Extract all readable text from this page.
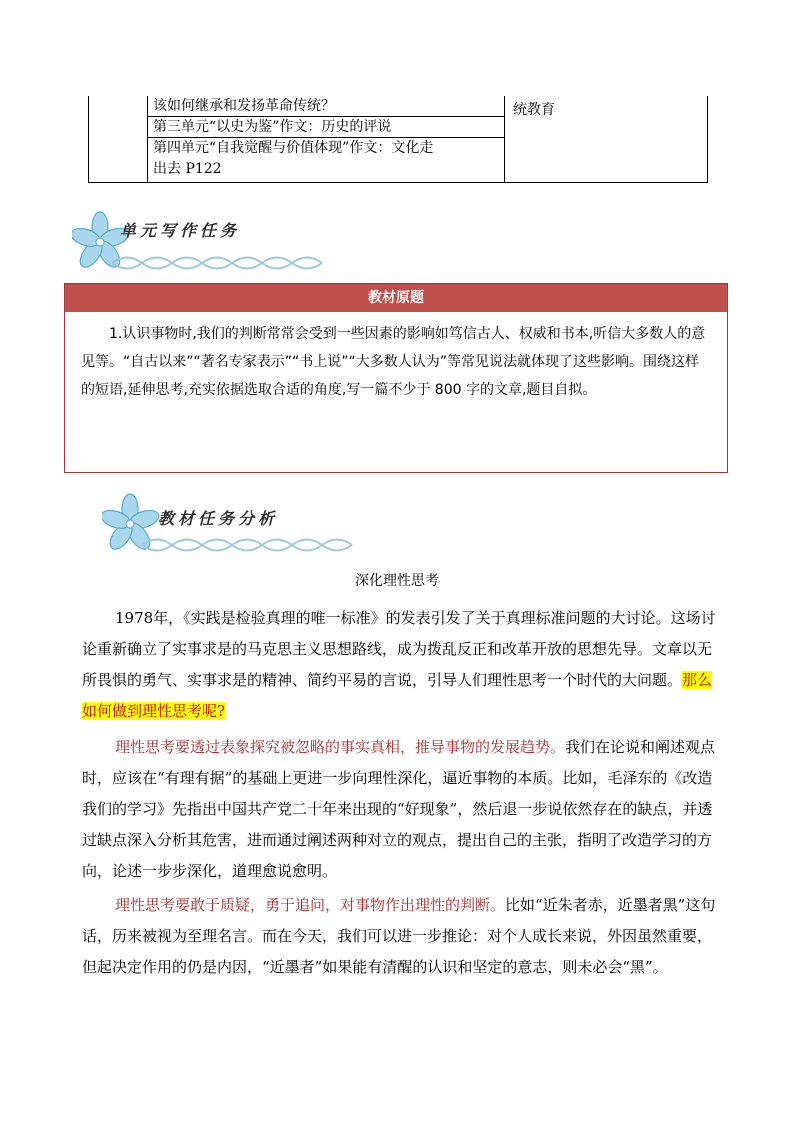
该如何继承和发扬革命传统？
第三单元“以史为鉴”作文：历史的评说
第四单元“自我觉醒与价值体现”作文：文化走
出去 P122
统教育
单元写作任务
教材原题
1.认识事物时,我们的判断常常会受到一些因素的影响如笃信古人、权威和书本,听信大多数人的意见等。“自古以来”“著名专家表示”“书上说”“大多数人认为”等常见说法就体现了这些影响。围绕这样的短语,延伸思考,充实依据选取合适的角度,写一篇不少于 800 字的文章,题目自拟。
教材任务分析
深化理性思考

1978年，《实践是检验真理的唯一标准》的发表引发了关于真理标准问题的大讨论。这场讨论重新确立了实事求是的马克思主义思想路线，成为拨乱反正和改革开放的思想先导。文章以无所畏惧的勇气、实事求是的精神、简约平易的言说，引导人们理性思考一个时代的大问题。那么如何做到理性思考呢?

理性思考要透过表象探究被忽略的事实真相，推导事物的发展趋势。我们在论说和阐述观点时，应该在“有理有据”的基础上更进一步向理性深化，逼近事物的本质。比如，毛泽东的《改造我们的学习》先指出中国共产党二十年来出现的“好现象”，然后退一步说依然存在的缺点，并透过缺点深入分析其危害，进而通过阐述两种对立的观点，提出自己的主张，指明了改造学习的方向，论述一步步深化，道理愈说愈明。

理性思考要敢于质疑，勇于追问，对事物作出理性的判断。比如“近朱者赤，近墨者黑”这句话，历来被视为至理名言。而在今天，我们可以进一步推论：对个人成长来说，外因虽然重要，但起决定作用的仍是内因，“近墨者”如果能有清醒的认识和坚定的意志，则未必会“黑”。
